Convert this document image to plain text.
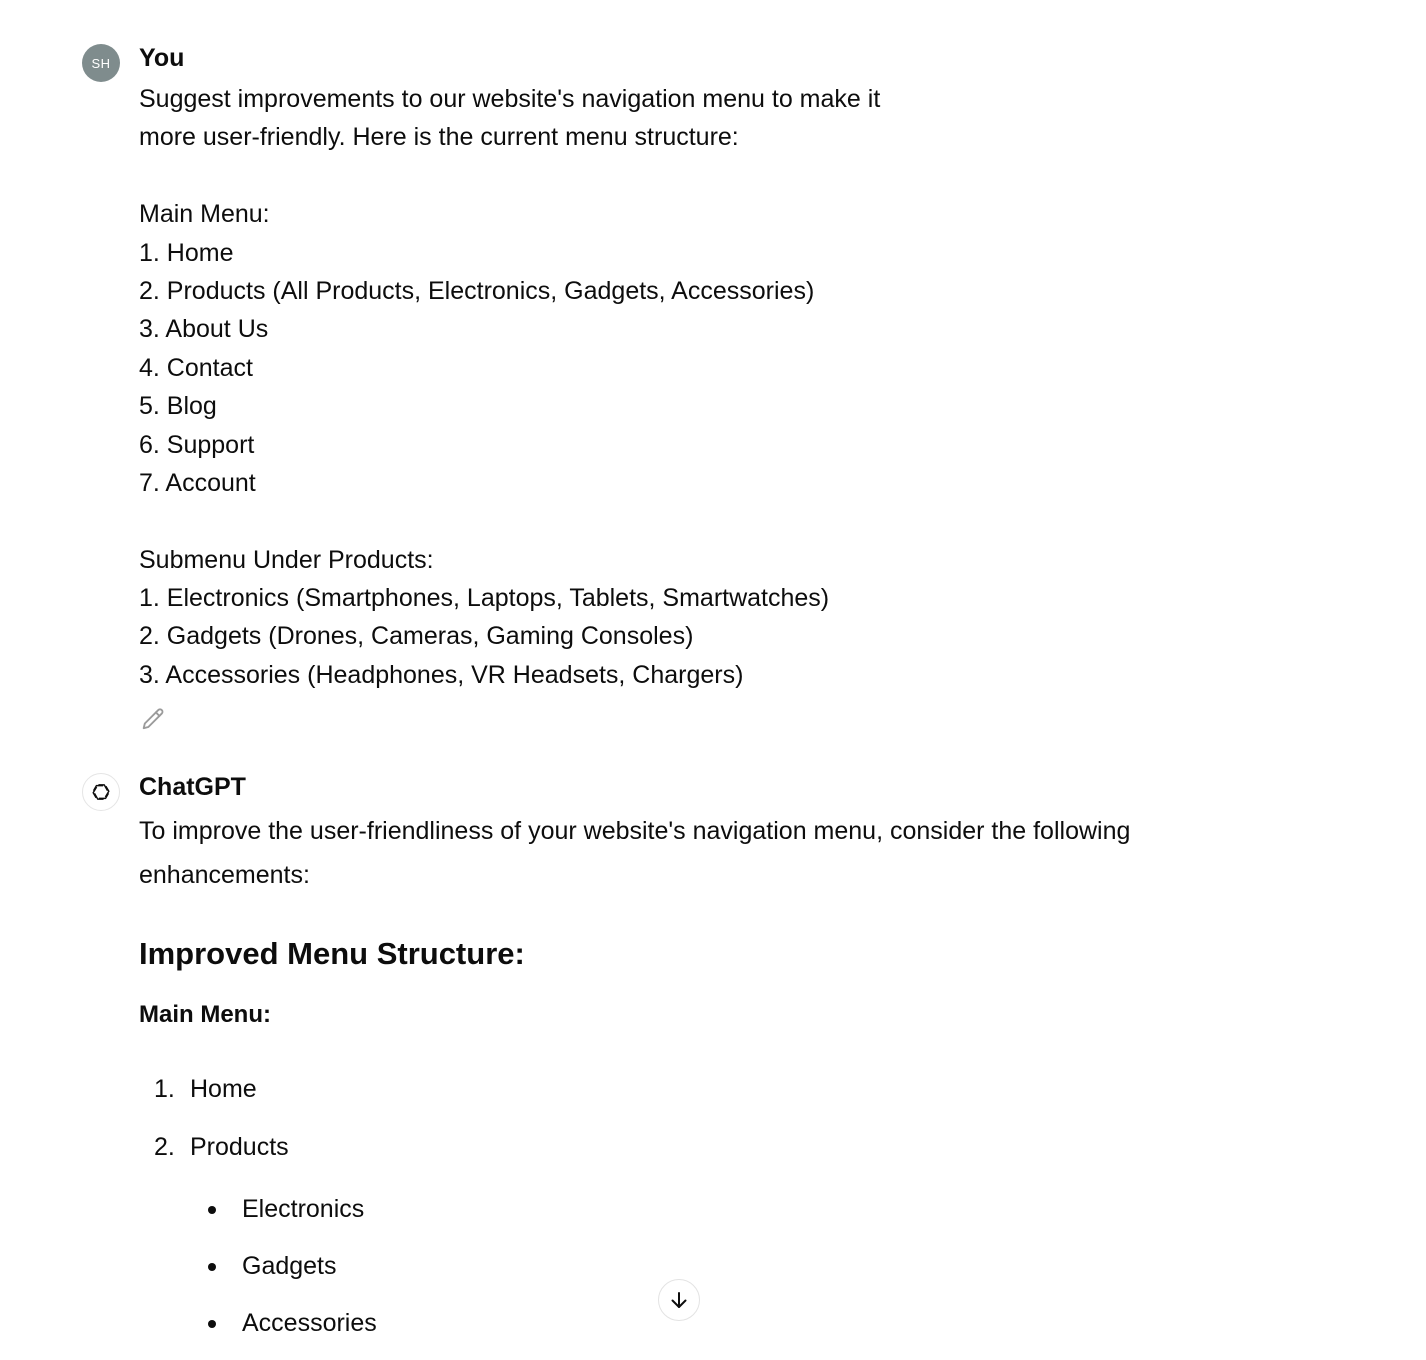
SH You
Suggest improvements to our website's navigation menu to make it
more user-friendly. Here is the current menu structure:
Main Menu:
1. Home
2. Products (All Products, Electronics, Gadgets, Accessories)
3. About Us
4. Contact
5. Blog
6. Support
7. Account
Submenu Under Products:
1. Electronics (Smartphones, Laptops, Tablets, Smartwatches)
2. Gadgets (Drones, Cameras, Gaming Consoles)
3. Accessories (Headphones, VR Headsets, Chargers)
ChatGPT
To improve the user-friendliness of your website's navigation menu, consider the following enhancements:
Improved Menu Structure:
Main Menu:
1. Home
2. Products
Electronics
Gadgets
Accessories
